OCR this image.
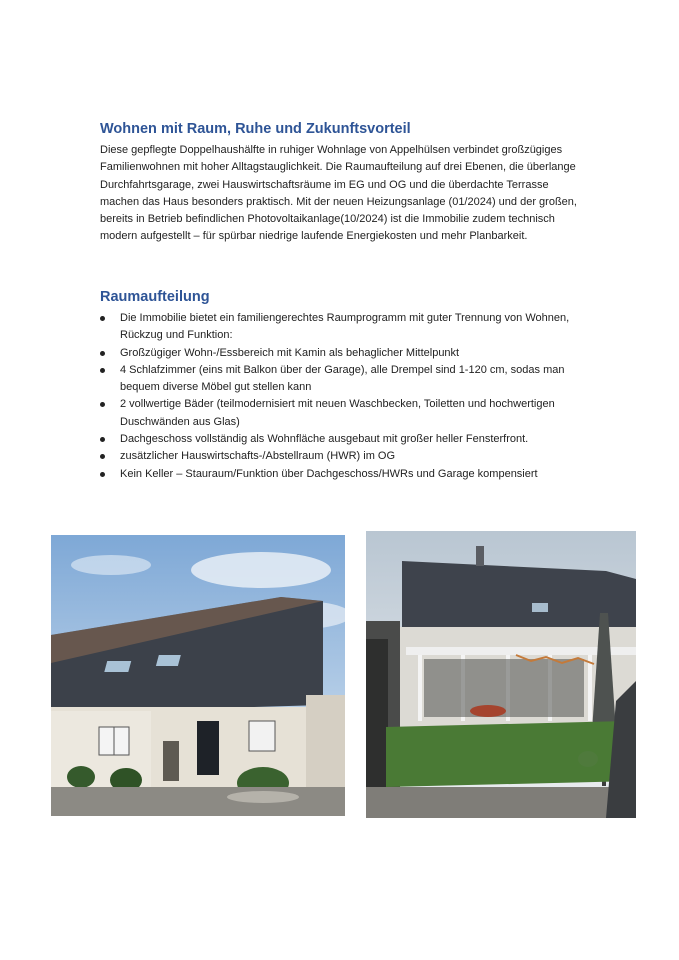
Wohnen mit Raum, Ruhe und Zukunftsvorteil

Diese gepflegte Doppelhaushälfte in ruhiger Wohnlage von Appelhülsen verbindet großzügiges Familienwohnen mit hoher Alltagstauglichkeit. Die Raumaufteilung auf drei Ebenen, die überlange Durchfahrtsgarage, zwei Hauswirtschaftsräume im EG und OG und die überdachte Terrasse machen das Haus besonders praktisch. Mit der neuen Heizungsanlage (01/2024) und der großen, bereits in Betrieb befindlichen Photovoltaikanlage(10/2024) ist die Immobilie zudem technisch modern aufgestellt – für spürbar niedrige laufende Energiekosten und mehr Planbarkeit.

Raumaufteilung
Die Immobilie bietet ein familiengerechtes Raumprogramm mit guter Trennung von Wohnen, Rückzug und Funktion:
Großzügiger Wohn-/Essbereich mit Kamin als behaglicher Mittelpunkt
4 Schlafzimmer (eins mit Balkon über der Garage), alle Drempel sind 1-120 cm, sodas man bequem diverse Möbel gut stellen kann
2 vollwertige Bäder (teilmodernisiert mit neuen Waschbecken, Toiletten und hochwertigen Duschwänden aus Glas)
Dachgeschoss vollständig als Wohnfläche ausgebaut mit großer heller Fensterfront.
zusätzlicher Hauswirtschafts-/Abstellraum (HWR) im OG
Kein Keller – Stauraum/Funktion über Dachgeschoss/HWRs und Garage kompensiert
